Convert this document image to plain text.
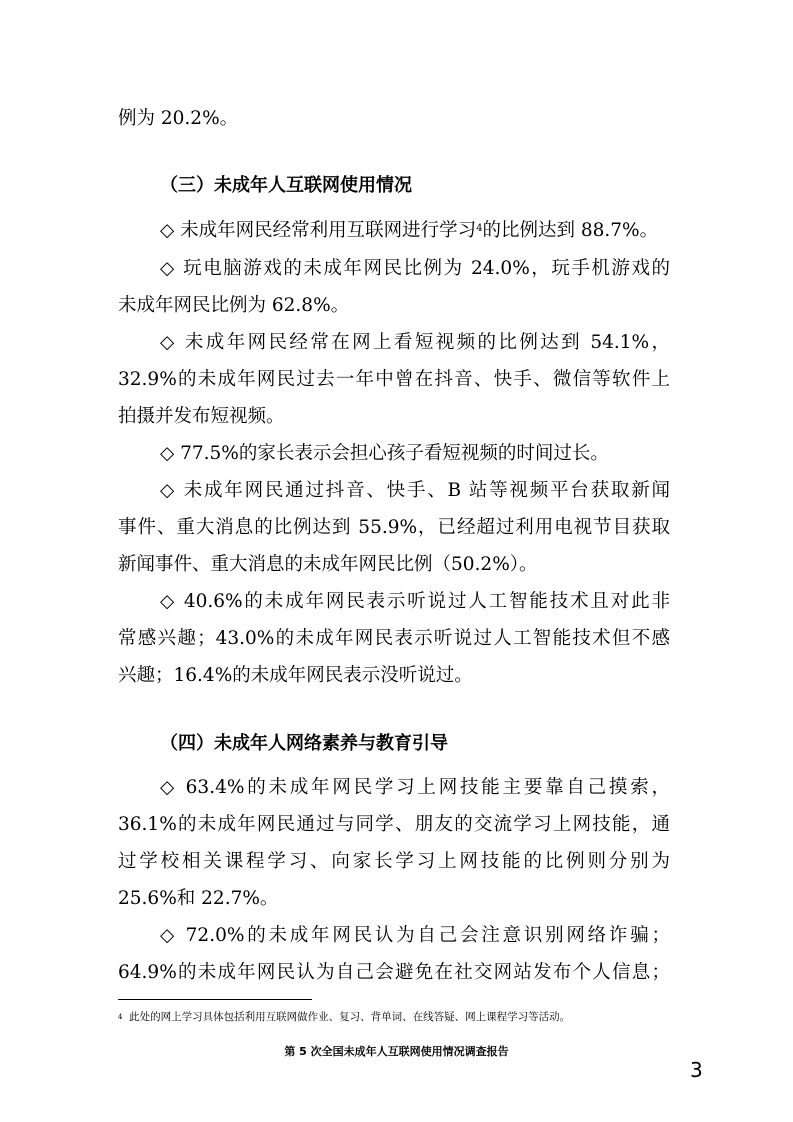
例为 20.2%。
（三）未成年人互联网使用情况
◇ 未成年网民经常利用互联网进行学习$^4$的比例达到 88.7%。
◇ 玩电脑游戏的未成年网民比例为 24.0%，玩手机游戏的
未成年网民比例为 62.8%。
◇ 未成年网民经常在网上看短视频的比例达到 54.1%，
32.9%的未成年网民过去一年中曾在抖音、快手、微信等软件上
拍摄并发布短视频。
◇ 77.5%的家长表示会担心孩子看短视频的时间过长。
◇ 未成年网民通过抖音、快手、B 站等视频平台获取新闻
事件、重大消息的比例达到 55.9%，已经超过利用电视节目获取
新闻事件、重大消息的未成年网民比例（50.2%）。
◇ 40.6%的未成年网民表示听说过人工智能技术且对此非
常感兴趣；43.0%的未成年网民表示听说过人工智能技术但不感
兴趣；16.4%的未成年网民表示没听说过。
（四）未成年人网络素养与教育引导
◇ 63.4%的未成年网民学习上网技能主要靠自己摸索，
36.1%的未成年网民通过与同学、朋友的交流学习上网技能，通
过学校相关课程学习、向家长学习上网技能的比例则分别为
25.6%和 22.7%。
◇ 72.0%的未成年网民认为自己会注意识别网络诈骗；
64.9%的未成年网民认为自己会避免在社交网站发布个人信息；
$^4$ 此处的网上学习具体包括利用互联网做作业、复习、背单词、在线答疑、网上课程学习等活动。
第 5 次全国未成年人互联网使用情况调查报告
3
